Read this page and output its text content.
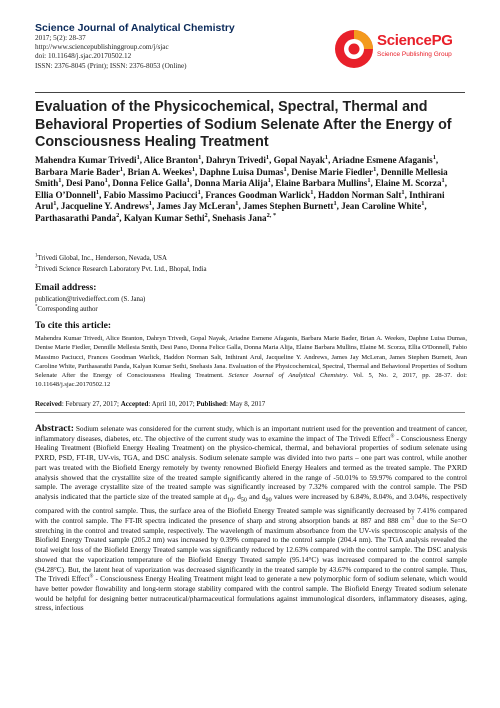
Science Journal of Analytical Chemistry
2017; 5(2): 28-37
http://www.sciencepublishinggroup.com/j/sjac
doi: 10.11648/j.sjac.20170502.12
ISSN: 2376-8045 (Print); ISSN: 2376-8053 (Online)
SciencePG
Science Publishing Group
Evaluation of the Physicochemical, Spectral, Thermal and Behavioral Properties of Sodium Selenate After the Energy of Consciousness Healing Treatment
Mahendra Kumar Trivedi$^1$, Alice Branton$^1$, Dahryn Trivedi$^1$, Gopal Nayak$^1$, Ariadne Esmene Afaganis$^1$, Barbara Marie Bader$^1$, Brian A. Weekes$^1$, Daphne Luisa Dumas$^1$, Denise Marie Fiedler$^1$, Dennille Mellesia Smith$^1$, Desi Pano$^1$, Donna Felice Galla$^1$, Donna Maria Alija$^1$, Elaine Barbara Mullins$^1$, Elaine M. Scorza$^1$, Ellia O’Donnell$^1$, Fabio Massimo Paciucci$^1$, Frances Goodman Warlick$^1$, Haddon Norman Salt$^1$, Inthirani Arul$^1$, Jacqueline Y. Andrews$^1$, James Jay McLeran$^1$, James Stephen Burnett$^1$, Jean Caroline White$^1$, Parthasarathi Panda$^2$, Kalyan Kumar Sethi$^2$, Snehasis Jana$^{2, *}$
$^1$Trivedi Global, Inc., Henderson, Nevada, USA
$^2$Trivedi Science Research Laboratory Pvt. Ltd., Bhopal, India
Email address:
publication@trivedieffect.com (S. Jana)
*Corresponding author
To cite this article:
Mahendra Kumar Trivedi, Alice Branton, Dahryn Trivedi, Gopal Nayak, Ariadne Esmene Afaganis, Barbara Marie Bader, Brian A. Weekes, Daphne Luisa Dumas, Denise Marie Fiedler, Dennille Mellesia Smith, Desi Pano, Donna Felice Galla, Donna Maria Alija, Elaine Barbara Mullins, Elaine M. Scorza, Ellia O'Donnell, Fabio Massimo Paciucci, Frances Goodman Warlick, Haddon Norman Salt, Inthirani Arul, Jacqueline Y. Andrews, James Jay McLeran, James Stephen Burnett, Jean Caroline White, Parthasarathi Panda, Kalyan Kumar Sethi, Snehasis Jana. Evaluation of the Physicochemical, Spectral, Thermal and Behavioral Properties of Sodium Selenate After the Energy of Consciousness Healing Treatment. Science Journal of Analytical Chemistry. Vol. 5, No. 2, 2017, pp. 28-37. doi: 10.11648/j.sjac.20170502.12
Received: February 27, 2017; Accepted: April 10, 2017; Published: May 8, 2017
Abstract: Sodium selenate was considered for the current study, which is an important nutrient used for the prevention and treatment of cancer, inflammatory diseases, diabetes, etc. The objective of the current study was to examine the impact of The Trivedi Effect® - Consciousness Energy Healing Treatment (Biofield Energy Healing Treatment) on the physico-chemical, thermal, and behavioral properties of sodium selenate using PXRD, PSD, FT-IR, UV-vis, TGA, and DSC analysis. Sodium selenate sample was divided into two parts – one part was control, while another part was treated with the Biofield Energy remotely by twenty renowned Biofield Energy Healers and termed as the treated sample. The PXRD analysis showed that the crystallite size of the treated sample significantly altered in the range of -50.01% to 59.97% compared to the control sample. The average crystallite size of the treated sample was significantly increased by 7.32% compared with the control sample. The PSD analysis indicated that the particle size of the treated sample at $d_{10}$, $d_{50}$ and $d_{90}$ values were increased by 6.84%, 8.04%, and 3.04%, respectively compared with the control sample. Thus, the surface area of the Biofield Energy Treated sample was significantly decreased by 7.41% compared with the control sample. The FT-IR spectra indicated the presence of sharp and strong absorption bands at 887 and 888 $cm^{-1}$ due to the Se=O stretching in the control and treated sample, respectively. The wavelength of maximum absorbance from the UV-vis spectroscopic analysis of the Biofield Energy Treated sample (205.2 nm) was increased by 0.39% compared to the control sample (204.4 nm). The TGA analysis revealed the total weight loss of the Biofield Energy Treated sample was significantly reduced by 12.63% compared with the control sample. The DSC analysis showed that the vaporization temperature of the Biofield Energy Treated sample (95.14°C) was increased compared to the control sample (94.28°C). But, the latent heat of vaporization was decreased significantly in the treated sample by 43.67% compared to the control sample. Thus, The Trivedi Effect® - Consciousness Energy Healing Treatment might lead to generate a new polymorphic form of sodium selenate, which would have better powder flowability and long-term storage stability compared with the control sample. The Biofield Energy Treated sodium selenate would be helpful for designing better nutraceutical/pharmaceutical formulations against immunological disorders, inflammatory diseases, aging, stress, infectious
